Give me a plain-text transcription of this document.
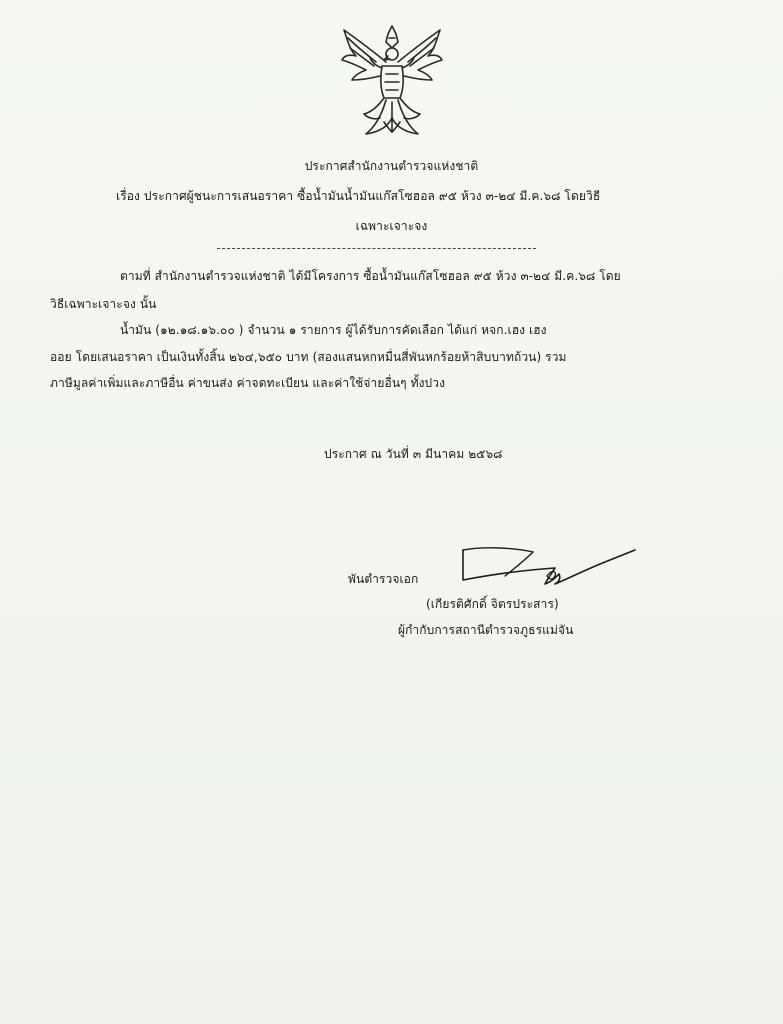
ประกาศสำนักงานตำรวจแห่งชาติ
เรื่อง ประกาศผู้ชนะการเสนอราคา ซื้อน้ำมันน้ำมันแก๊สโซฮอล ๙๕ ห้วง ๓-๒๔ มี.ค.๖๘ โดยวิธี
เฉพาะเจาะจง
ตามที่ สำนักงานตำรวจแห่งชาติ ได้มีโครงการ ซื้อน้ำมันแก๊สโซฮอล ๙๕ ห้วง ๓-๒๔ มี.ค.๖๘ โดย
วิธีเฉพาะเจาะจง นั้น
น้ำมัน (๑๒.๑๘.๑๖.๐๐ ) จำนวน ๑ รายการ ผู้ได้รับการคัดเลือก ได้แก่ หจก.เฮง เฮง
ออย โดยเสนอราคา เป็นเงินทั้งสิ้น ๒๖๔,๖๕๐ บาท (สองแสนหกหมื่นสี่พันหกร้อยห้าสิบบาทถ้วน) รวม
ภาษีมูลค่าเพิ่มและภาษีอื่น ค่าขนส่ง ค่าจดทะเบียน และค่าใช้จ่ายอื่นๆ ทั้งปวง
ประกาศ ณ วันที่ ๓ มีนาคม ๒๕๖๘
พันตำรวจเอก
(เกียรติศักดิ์ จิตรประสาร)
ผู้กำกับการสถานีตำรวจภูธรแม่จัน
